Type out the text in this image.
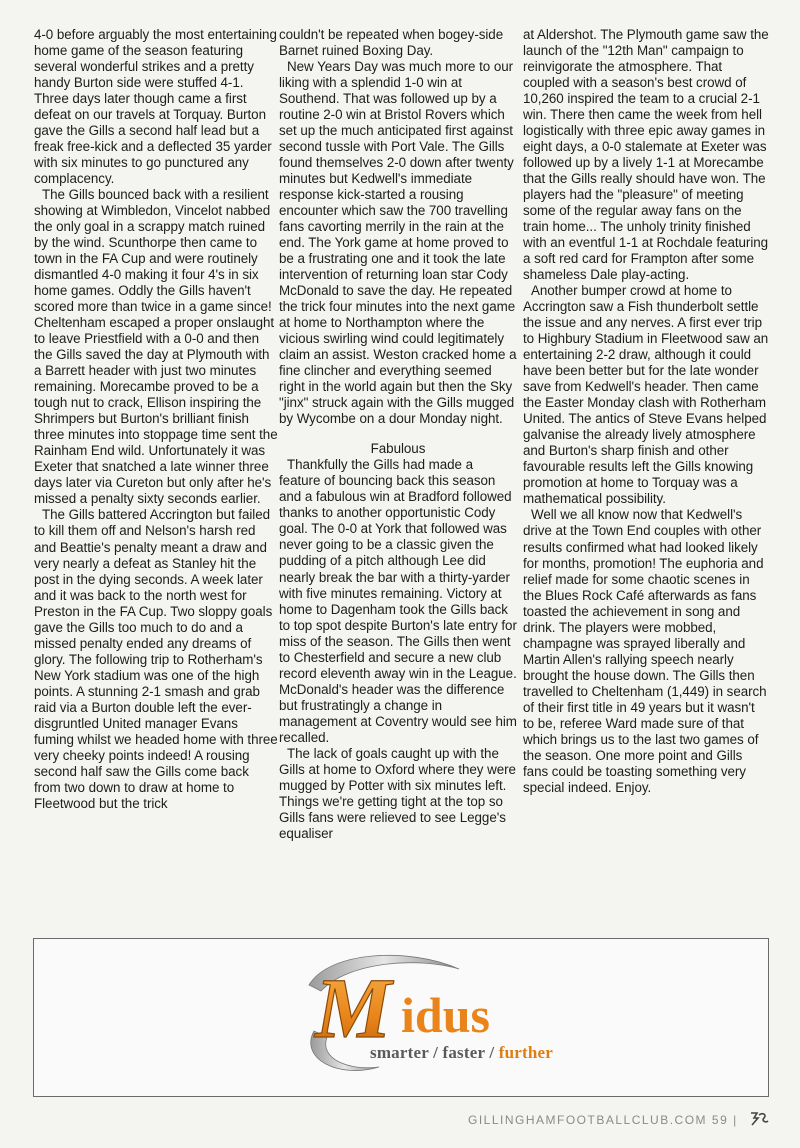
4-0 before arguably the most entertaining home game of the season featuring several wonderful strikes and a pretty handy Burton side were stuffed 4-1. Three days later though came a first defeat on our travels at Torquay. Burton gave the Gills a second half lead but a freak free-kick and a deflected 35 yarder with six minutes to go punctured any complacency.

The Gills bounced back with a resilient showing at Wimbledon, Vincelot nabbed the only goal in a scrappy match ruined by the wind. Scunthorpe then came to town in the FA Cup and were routinely dismantled 4-0 making it four 4's in six home games. Oddly the Gills haven't scored more than twice in a game since! Cheltenham escaped a proper onslaught to leave Priestfield with a 0-0 and then the Gills saved the day at Plymouth with a Barrett header with just two minutes remaining. Morecambe proved to be a tough nut to crack, Ellison inspiring the Shrimpers but Burton's brilliant finish three minutes into stoppage time sent the Rainham End wild. Unfortunately it was Exeter that snatched a late winner three days later via Cureton but only after he's missed a penalty sixty seconds earlier.

The Gills battered Accrington but failed to kill them off and Nelson's harsh red and Beattie's penalty meant a draw and very nearly a defeat as Stanley hit the post in the dying seconds. A week later and it was back to the north west for Preston in the FA Cup. Two sloppy goals gave the Gills too much to do and a missed penalty ended any dreams of glory. The following trip to Rotherham's New York stadium was one of the high points. A stunning 2-1 smash and grab raid via a Burton double left the ever-disgruntled United manager Evans fuming whilst we headed home with three very cheeky points indeed! A rousing second half saw the Gills come back from two down to draw at home to Fleetwood but the trick

couldn't be repeated when bogey-side Barnet ruined Boxing Day.

New Years Day was much more to our liking with a splendid 1-0 win at Southend. That was followed up by a routine 2-0 win at Bristol Rovers which set up the much anticipated first against second tussle with Port Vale. The Gills found themselves 2-0 down after twenty minutes but Kedwell's immediate response kick-started a rousing encounter which saw the 700 travelling fans cavorting merrily in the rain at the end. The York game at home proved to be a frustrating one and it took the late intervention of returning loan star Cody McDonald to save the day. He repeated the trick four minutes into the next game at home to Northampton where the vicious swirling wind could legitimately claim an assist. Weston cracked home a fine clincher and everything seemed right in the world again but then the Sky "jinx" struck again with the Gills mugged by Wycombe on a dour Monday night.

Fabulous

Thankfully the Gills had made a feature of bouncing back this season and a fabulous win at Bradford followed thanks to another opportunistic Cody goal. The 0-0 at York that followed was never going to be a classic given the pudding of a pitch although Lee did nearly break the bar with a thirty-yarder with five minutes remaining. Victory at home to Dagenham took the Gills back to top spot despite Burton's late entry for miss of the season. The Gills then went to Chesterfield and secure a new club record eleventh away win in the League. McDonald's header was the difference but frustratingly a change in management at Coventry would see him recalled.

The lack of goals caught up with the Gills at home to Oxford where they were mugged by Potter with six minutes left. Things we're getting tight at the top so Gills fans were relieved to see Legge's equaliser

at Aldershot. The Plymouth game saw the launch of the "12th Man" campaign to reinvigorate the atmosphere. That coupled with a season's best crowd of 10,260 inspired the team to a crucial 2-1 win. There then came the week from hell logistically with three epic away games in eight days, a 0-0 stalemate at Exeter was followed up by a lively 1-1 at Morecambe that the Gills really should have won. The players had the "pleasure" of meeting some of the regular away fans on the train home... The unholy trinity finished with an eventful 1-1 at Rochdale featuring a soft red card for Frampton after some shameless Dale play-acting.

Another bumper crowd at home to Accrington saw a Fish thunderbolt settle the issue and any nerves. A first ever trip to Highbury Stadium in Fleetwood saw an entertaining 2-2 draw, although it could have been better but for the late wonder save from Kedwell's header. Then came the Easter Monday clash with Rotherham United. The antics of Steve Evans helped galvanise the already lively atmosphere and Burton's sharp finish and other favourable results left the Gills knowing promotion at home to Torquay was a mathematical possibility.

Well we all know now that Kedwell's drive at the Town End couples with other results confirmed what had looked likely for months, promotion! The euphoria and relief made for some chaotic scenes in the Blues Rock Café afterwards as fans toasted the achievement in song and drink. The players were mobbed, champagne was sprayed liberally and Martin Allen's rallying speech nearly brought the house down. The Gills then travelled to Cheltenham (1,449) in search of their first title in 49 years but it wasn't to be, referee Ward made sure of that which brings us to the last two games of the season. One more point and Gills fans could be toasting something very special indeed. Enjoy.

M idus
smarter / faster / further
GILLINGHAMFOOTBALLCLUB.COM 59 |
